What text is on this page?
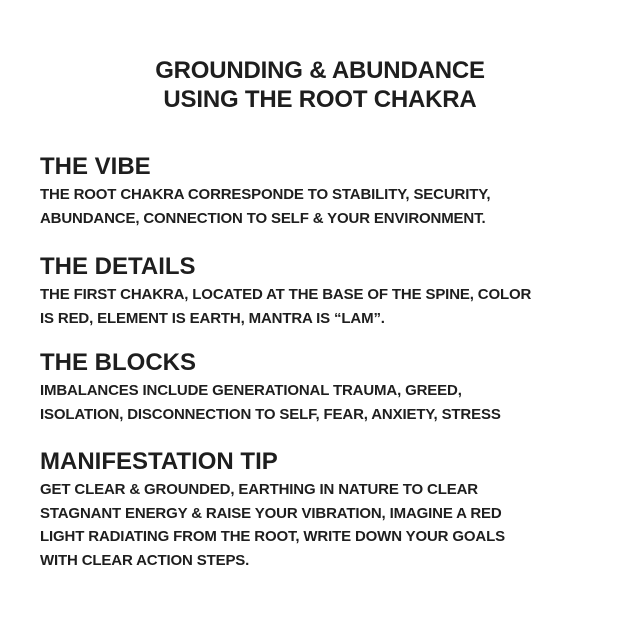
GROUNDING & ABUNDANCE
USING THE ROOT CHAKRA
THE VIBE
THE ROOT CHAKRA CORRESPONDE TO STABILITY, SECURITY,
ABUNDANCE, CONNECTION TO SELF & YOUR ENVIRONMENT.
THE DETAILS
THE FIRST CHAKRA, LOCATED AT THE BASE OF THE SPINE, COLOR
IS RED, ELEMENT IS EARTH, MANTRA IS “LAM”.
THE BLOCKS
IMBALANCES INCLUDE GENERATIONAL TRAUMA, GREED,
ISOLATION, DISCONNECTION TO SELF, FEAR, ANXIETY, STRESS
MANIFESTATION TIP
GET CLEAR & GROUNDED, EARTHING IN NATURE TO CLEAR
STAGNANT ENERGY & RAISE YOUR VIBRATION, IMAGINE A RED
LIGHT RADIATING FROM THE ROOT, WRITE DOWN YOUR GOALS
WITH CLEAR ACTION STEPS.
